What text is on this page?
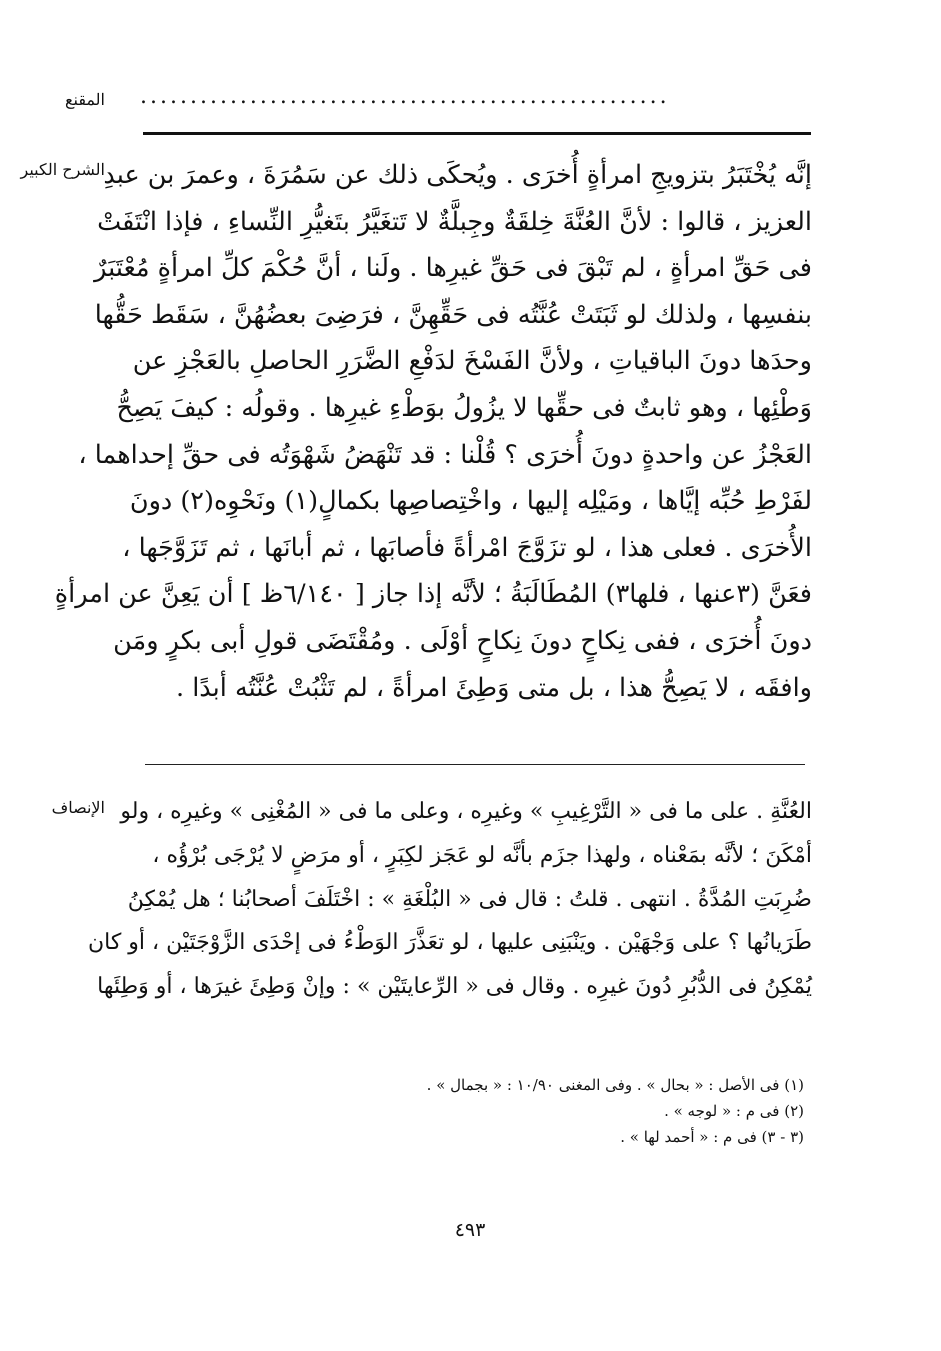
المقنع .....................................................
الشرح الكبير
إنَّه يُخْتَبَرُ بتزويجِ امرأةٍ أُخرَى . ويُحكَى ذلك عن سَمُرَةَ ، وعمرَ بن عبدِ
العزيز ، قالوا : لأنَّ العُنَّةَ خِلقَةٌ وجِبلَّةٌ لا تَتغَيَّرُ بتَغيُّرِ النِّساءِ ، فإذا انْتَفَتْ
فى حَقِّ امرأةٍ ، لم تَبْقَ فى حَقِّ غيرِها . ولَنا ، أنَّ حُكْمَ كلِّ امرأةٍ مُعْتَبَرٌ
بنفسِها ، ولذلك لو ثَبَتَتْ عُنَّتُه فى حَقِّهِنَّ ، فرَضِىَ بعضُهُنَّ ، سَقَط حَقُّها
وحدَها دونَ الباقياتِ ، ولأنَّ الفَسْخَ لدَفْعِ الضَّرَرِ الحاصلِ بالعَجْزِ عن
وَطْئِها ، وهو ثابتٌ فى حقِّها لا يزُولُ بوَطْءِ غيرِها . وقولُه : كيفَ يَصِحُّ
العَجْزُ عن واحدةٍ دونَ أُخرَى ؟ قُلْنا : قد تَنْهَضُ شَهْوَتُه فى حقِّ إحداهما ،
لفَرْطِ حُبِّه إيَّاها ، ومَيْلِه إليها ، واخْتِصاصِها بكمالٍ(١) ونَحْوِه(٢) دونَ
الأُخرَى . فعلى هذا ، لو تزَوَّجَ امْرأةً فأصابَها ، ثم أبانَها ، ثم تَزَوَّجَها ،
فعَنَّ (٣عنها ، فلها٣) المُطَالَبَةُ ؛ لأنَّه إذا جاز [ ٦/١٤٠ظ ] أن يَعِنَّ عن امرأةٍ
دونَ أُخرَى ، ففى نِكاحٍ دونَ نِكاحٍ أوْلَى . ومُقْتَضَى قولِ أبى بكرٍ ومَن
وافقَه ، لا يَصِحُّ هذا ، بل متى وَطِئَ امرأةً ، لم تَثْبُتْ عُنَّتُه أبدًا .
الإنصاف العُنَّةِ . على ما فى « التَّرْغِيبِ » وغيرِه ، وعلى ما فى « المُغْنِى » وغيرِه ، ولو
أمْكَنَ ؛ لأنَّه بمَعْناه ، ولهذا جزَم بأنَّه لو عَجَز لكِبَرٍ ، أو مرَضٍ لا يُرْجَى بُرْؤُه ،
ضُرِبَتِ المُدَّةُ . انتهى . قلتُ : قال فى « البُلْغَةِ » : اخْتَلَفَ أصحابُنا ؛ هل يُمْكِنُ
طَرَيانُها ؟ على وَجْهَيْن . ويَنْبَنِى عليها ، لو تعَذَّرَ الوَطْءُ فى إحْدَى الزَّوْجَتَيْن ، أو كان
يُمْكِنُ فى الدُّبُرِ دُونَ غيرِه . وقال فى « الرِّعايتَيْن » : وإنْ وَطِئَ غيرَها ، أو وَطِئَها
(١) فى الأصل : « بحال » . وفى المغنى ١٠/٩٠ : « بجمال » .
(٢) فى م : « لوجه » .
(٣ - ٣) فى م : « أحمد لها » .
٤٩٣
